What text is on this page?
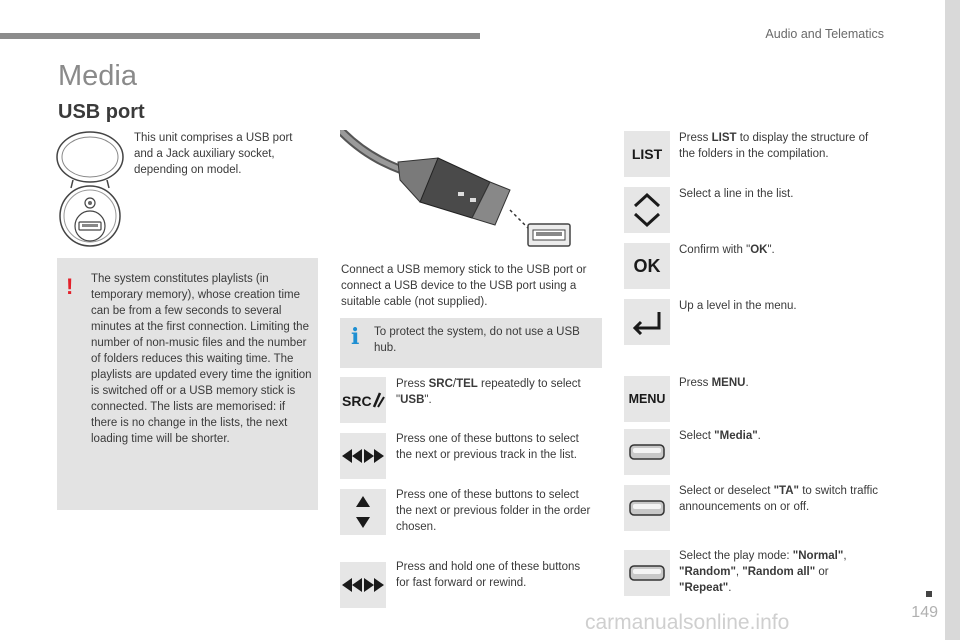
Audio and Telematics
Media
USB port
This unit comprises a USB port and a Jack auxiliary socket, depending on model.
Connect a USB memory stick to the USB port or connect a USB device to the USB port using a suitable cable (not supplied).
! The system constitutes playlists (in temporary memory), whose creation time can be from a few seconds to several minutes at the first connection. Limiting the number of non-music files and the number of folders reduces this waiting time. The playlists are updated every time the ignition is switched off or a USB memory stick is connected. The lists are memorised: if there is no change in the lists, the next loading time will be shorter.
i	To protect the system, do not use a USB hub.
SRC
Press SRC/TEL repeatedly to select "USB".
Press one of these buttons to select the next or previous track in the list.
Press one of these buttons to select the next or previous folder in the order chosen.
Press and hold one of these buttons for fast forward or rewind.
LIST
Press LIST to display the structure of the folders in the compilation.
Select a line in the list.
OK
Confirm with "OK".
Up a level in the menu.
MENU
Press MENU.
Select "Media".
Select or deselect "TA" to switch traffic announcements on or off.
Select the play mode: "Normal", "Random", "Random all" or "Repeat".
149
carmanualsonline.info
